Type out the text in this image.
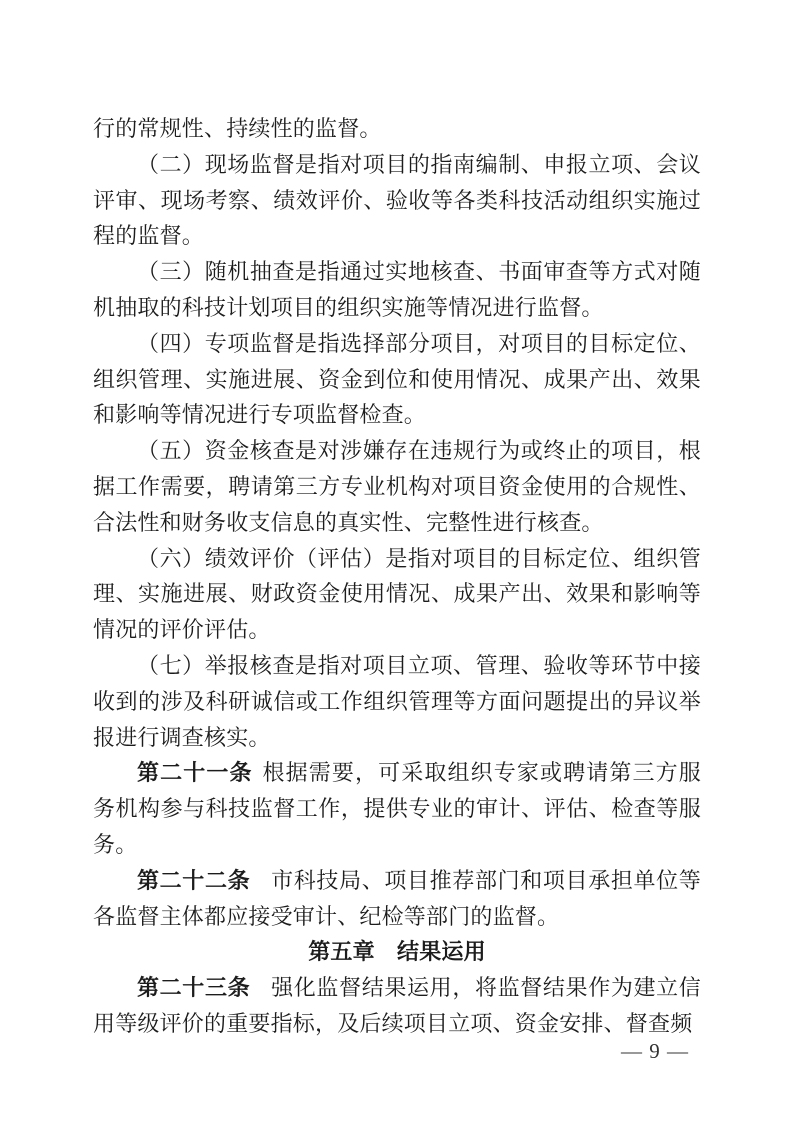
行的常规性、持续性的监督。

（二）现场监督是指对项目的指南编制、申报立项、会议评审、现场考察、绩效评价、验收等各类科技活动组织实施过程的监督。

（三）随机抽查是指通过实地核查、书面审查等方式对随机抽取的科技计划项目的组织实施等情况进行监督。

（四）专项监督是指选择部分项目，对项目的目标定位、组织管理、实施进展、资金到位和使用情况、成果产出、效果和影响等情况进行专项监督检查。

（五）资金核查是对涉嫌存在违规行为或终止的项目，根据工作需要，聘请第三方专业机构对项目资金使用的合规性、合法性和财务收支信息的真实性、完整性进行核查。

（六）绩效评价（评估）是指对项目的目标定位、组织管理、实施进展、财政资金使用情况、成果产出、效果和影响等情况的评价评估。

（七）举报核查是指对项目立项、管理、验收等环节中接收到的涉及科研诚信或工作组织管理等方面问题提出的异议举报进行调查核实。

第二十一条 根据需要，可采取组织专家或聘请第三方服务机构参与科技监督工作，提供专业的审计、评估、检查等服务。

第二十二条 市科技局、项目推荐部门和项目承担单位等各监督主体都应接受审计、纪检等部门的监督。

第五章　结果运用

第二十三条 强化监督结果运用，将监督结果作为建立信用等级评价的重要指标，及后续项目立项、资金安排、督查频

— 9 —
